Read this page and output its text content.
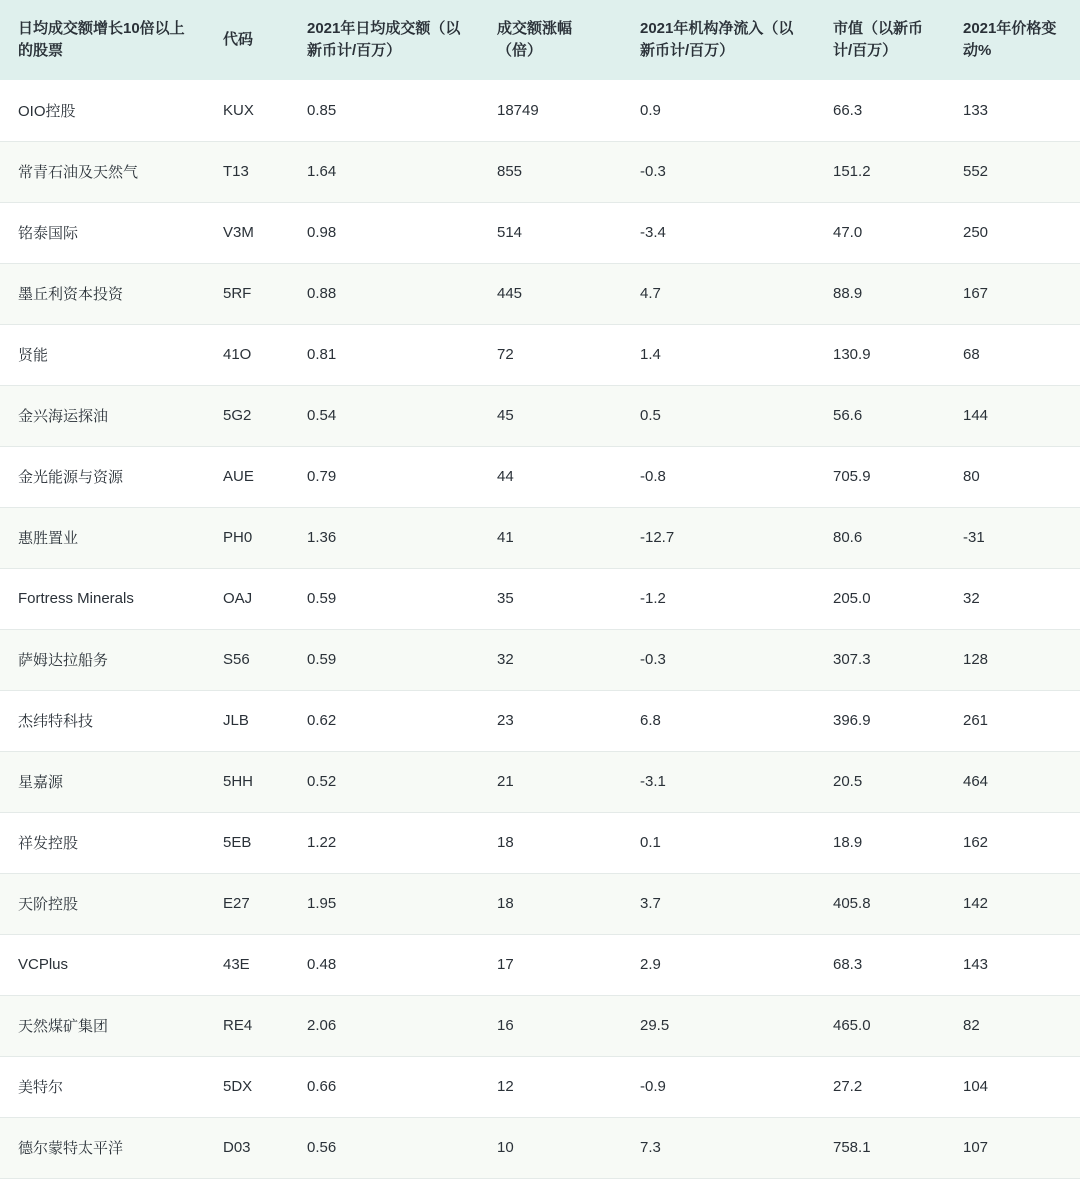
日均成交额增长10倍以上的股票	代码	2021年日均成交额（以新币计/百万）	成交额涨幅（倍）	2021年机构净流入（以新币计/百万）	市值（以新币计/百万）	2021年价格变动%
OIO控股	KUX	0.85	18749	0.9	66.3	133
常青石油及天然气	T13	1.64	855	-0.3	151.2	552
铭泰国际	V3M	0.98	514	-3.4	47.0	250
墨丘利资本投资	5RF	0.88	445	4.7	88.9	167
贤能	41O	0.81	72	1.4	130.9	68
金兴海运探油	5G2	0.54	45	0.5	56.6	144
金光能源与资源	AUE	0.79	44	-0.8	705.9	80
惠胜置业	PH0	1.36	41	-12.7	80.6	-31
Fortress Minerals	OAJ	0.59	35	-1.2	205.0	32
萨姆达拉船务	S56	0.59	32	-0.3	307.3	128
杰纬特科技	JLB	0.62	23	6.8	396.9	261
星嘉源	5HH	0.52	21	-3.1	20.5	464
祥发控股	5EB	1.22	18	0.1	18.9	162
天阶控股	E27	1.95	18	3.7	405.8	142
VCPlus	43E	0.48	17	2.9	68.3	143
天然煤矿集团	RE4	2.06	16	29.5	465.0	82
美特尔	5DX	0.66	12	-0.9	27.2	104
德尔蒙特太平洋	D03	0.56	10	7.3	758.1	107
